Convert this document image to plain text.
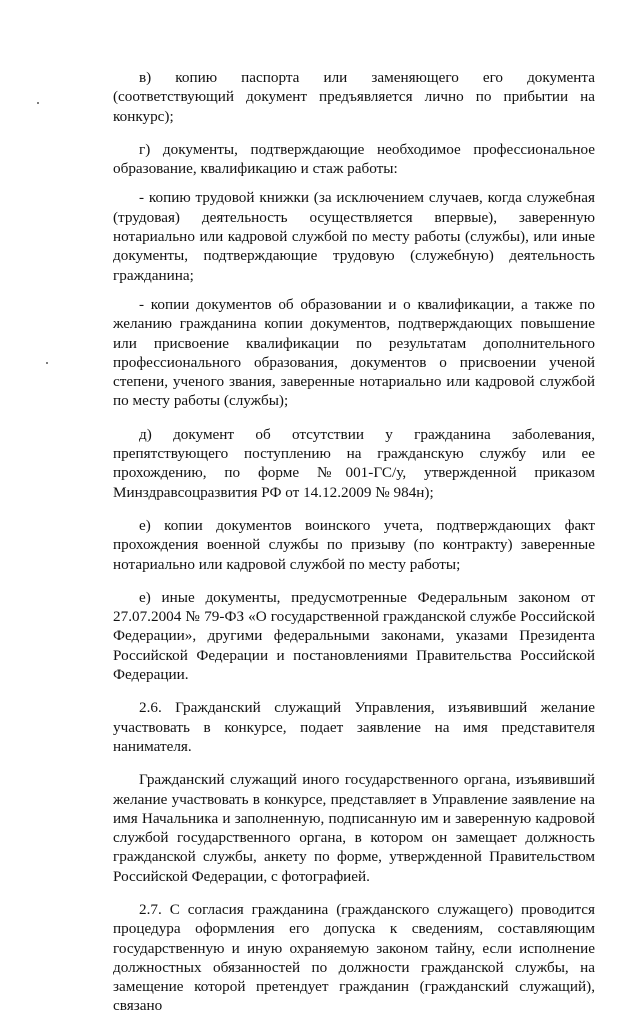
в) копию паспорта или заменяющего его документа (соответствующий документ предъявляется лично по прибытии на конкурс);

г) документы, подтверждающие необходимое профессиональное образование, квалификацию и стаж работы:

- копию трудовой книжки (за исключением случаев, когда служебная (трудовая) деятельность осуществляется впервые), заверенную нотариально или кадровой службой по месту работы (службы), или иные документы, подтверждающие трудовую (служебную) деятельность гражданина;

- копии документов об образовании и о квалификации, а также по желанию гражданина копии документов, подтверждающих повышение или присвоение квалификации по результатам дополнительного профессионального образования, документов о присвоении ученой степени, ученого звания, заверенные нотариально или кадровой службой по месту работы (службы);

д) документ об отсутствии у гражданина заболевания, препятствующего поступлению на гражданскую службу или ее прохождению, по форме №001-ГС/у, утвержденной приказом Минздравсоцразвития РФ от 14.12.2009 № 984н);

е) копии документов воинского учета, подтверждающих факт прохождения военной службы по призыву (по контракту) заверенные нотариально или кадровой службой по месту работы;

е) иные документы, предусмотренные Федеральным законом от 27.07.2004 № 79-ФЗ «О государственной гражданской службе Российской Федерации», другими федеральными законами, указами Президента Российской Федерации и постановлениями Правительства Российской Федерации.

2.6. Гражданский служащий Управления, изъявивший желание участвовать в конкурсе, подает заявление на имя представителя нанимателя.

Гражданский служащий иного государственного органа, изъявивший желание участвовать в конкурсе, представляет в Управление заявление на имя Начальника и заполненную, подписанную им и заверенную кадровой службой государственного органа, в котором он замещает должность гражданской службы, анкету по форме, утвержденной Правительством Российской Федерации, с фотографией.

2.7. С согласия гражданина (гражданского служащего) проводится процедура оформления его допуска к сведениям, составляющим государственную и иную охраняемую законом тайну, если исполнение должностных обязанностей по должности гражданской службы, на замещение которой претендует гражданин (гражданский служащий), связано
